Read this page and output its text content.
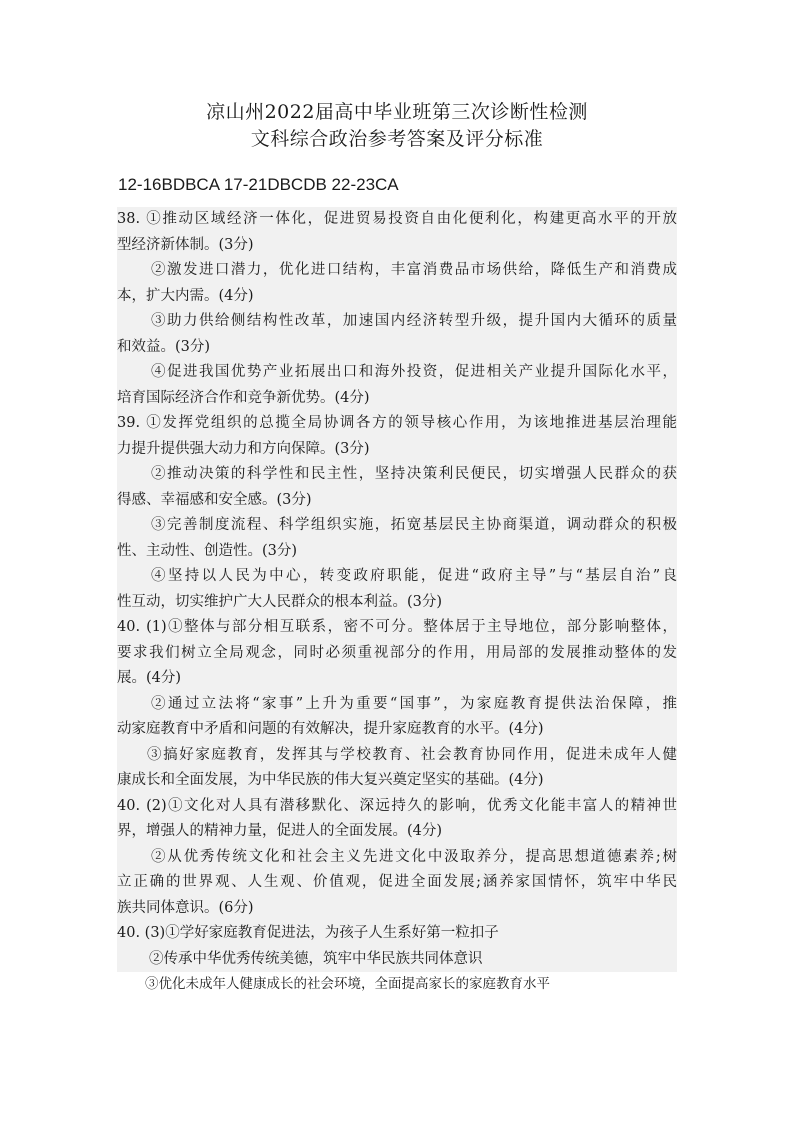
凉山州2022届高中毕业班第三次诊断性检测
文科综合政治参考答案及评分标准
12-16BDBCA 17-21DBCDB 22-23CA
38. ①推动区域经济一体化，促进贸易投资自由化便利化，构建更高水平的开放
型经济新体制。(3分)
②激发进口潜力，优化进口结构，丰富消费品市场供给，降低生产和消费成
本，扩大内需。(4分)
③助力供给侧结构性改革，加速国内经济转型升级，提升国内大循环的质量
和效益。(3分)
④促进我国优势产业拓展出口和海外投资，促进相关产业提升国际化水平，
培育国际经济合作和竞争新优势。(4分)
39. ①发挥党组织的总揽全局协调各方的领导核心作用，为该地推进基层治理能
力提升提供强大动力和方向保障。(3分)
②推动决策的科学性和民主性，坚持决策利民便民，切实增强人民群众的获
得感、幸福感和安全感。(3分)
③完善制度流程、科学组织实施，拓宽基层民主协商渠道，调动群众的积极
性、主动性、创造性。(3分)
④坚持以人民为中心，转变政府职能，促进“政府主导”与“基层自治”良
性互动，切实维护广大人民群众的根本利益。(3分)
40. (1)①整体与部分相互联系，密不可分。整体居于主导地位，部分影响整体，
要求我们树立全局观念，同时必须重视部分的作用，用局部的发展推动整体的发
展。(4分)
②通过立法将“家事”上升为重要“国事”，为家庭教育提供法治保障，推
动家庭教育中矛盾和问题的有效解决，提升家庭教育的水平。(4分)
③搞好家庭教育，发挥其与学校教育、社会教育协同作用，促进未成年人健
康成长和全面发展，为中华民族的伟大复兴奠定坚实的基础。(4分)
40. (2)①文化对人具有潜移默化、深远持久的影响，优秀文化能丰富人的精神世
界，增强人的精神力量，促进人的全面发展。(4分)
②从优秀传统文化和社会主义先进文化中汲取养分，提高思想道德素养;树
立正确的世界观、人生观、价值观，促进全面发展;涵养家国情怀，筑牢中华民
族共同体意识。(6分)
40. (3)①学好家庭教育促进法，为孩子人生系好第一粒扣子
②传承中华优秀传统美德，筑牢中华民族共同体意识
③优化未成年人健康成长的社会环境，全面提高家长的家庭教育水平
